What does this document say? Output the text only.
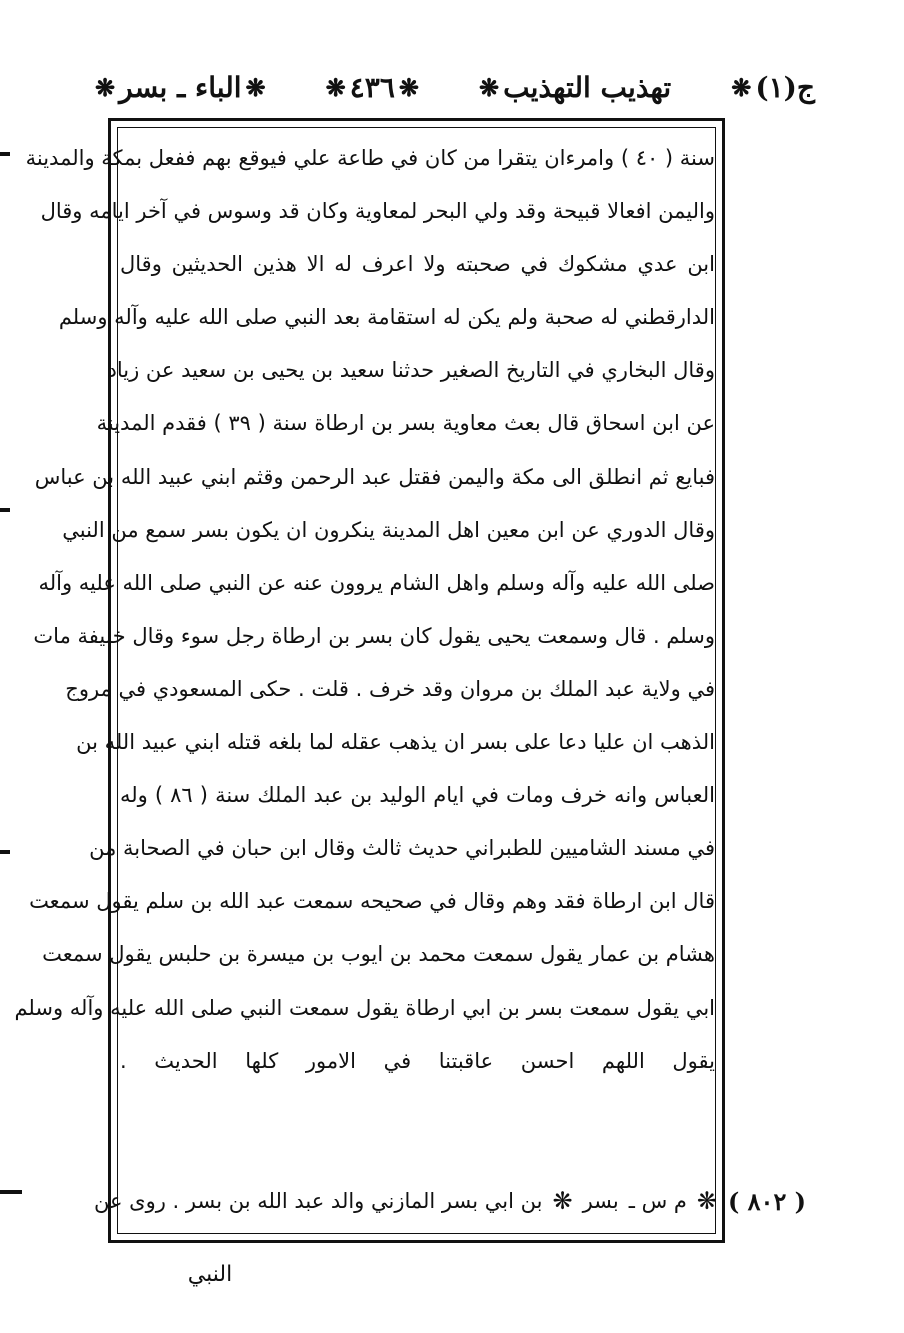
ج(١)
❋
تهذيب التهذيب
❋
❋
٤٣٦
❋
❋
الباء ـ بسر
❋
سنة ( ٤٠ ) وامرءان يتقرا من كان في طاعة علي فيوقع بهم ففعل بمكة والمدينة
واليمن افعالا قبيحة وقد ولي البحر لمعاوية وكان قد وسوس في آخر ايامه وقال
ابن عدي مشكوك في صحبته ولا اعرف له الا هذين الحديثين وقال
الدارقطني له صحبة ولم يكن له استقامة بعد النبي صلى الله عليه وآله وسلم
وقال البخاري في التاريخ الصغير حدثنا سعيد بن يحيى بن سعيد عن زياد
عن ابن اسحاق قال بعث معاوية بسر بن ارطاة سنة ( ٣٩ ) فقدم المدينة
فبايع ثم انطلق الى مكة واليمن فقتل عبد الرحمن وقثم ابني عبيد الله بن عباس
وقال الدوري عن ابن معين اهل المدينة ينكرون ان يكون بسر سمع من النبي
صلى الله عليه وآله وسلم واهل الشام يروون عنه عن النبي صلى الله عليه وآله
وسلم . قال وسمعت يحيى يقول كان بسر بن ارطاة رجل سوء وقال خليفة مات
في ولاية عبد الملك بن مروان وقد خرف . قلت . حكى المسعودي في مروج
الذهب ان عليا دعا على بسر ان يذهب عقله لما بلغه قتله ابني عبيد الله بن
العباس وانه خرف ومات في ايام الوليد بن عبد الملك سنة ( ٨٦ ) وله
في مسند الشاميين للطبراني حديث ثالث وقال ابن حبان في الصحابة من
قال ابن ارطاة فقد وهم وقال في صحيحه سمعت عبد الله بن سلم يقول سمعت
هشام بن عمار يقول سمعت محمد بن ايوب بن ميسرة بن حلبس يقول سمعت
ابي يقول سمعت بسر بن ابي ارطاة يقول سمعت النبي صلى الله عليه وآله وسلم
يقول اللهم احسن عاقبتنا في الامور كلها الحديث .
( ٨٠٢ )
❋
م س ـ
بسر
❋
بن ابي بسر المازني والد عبد الله بن بسر . روى عن
النبي
